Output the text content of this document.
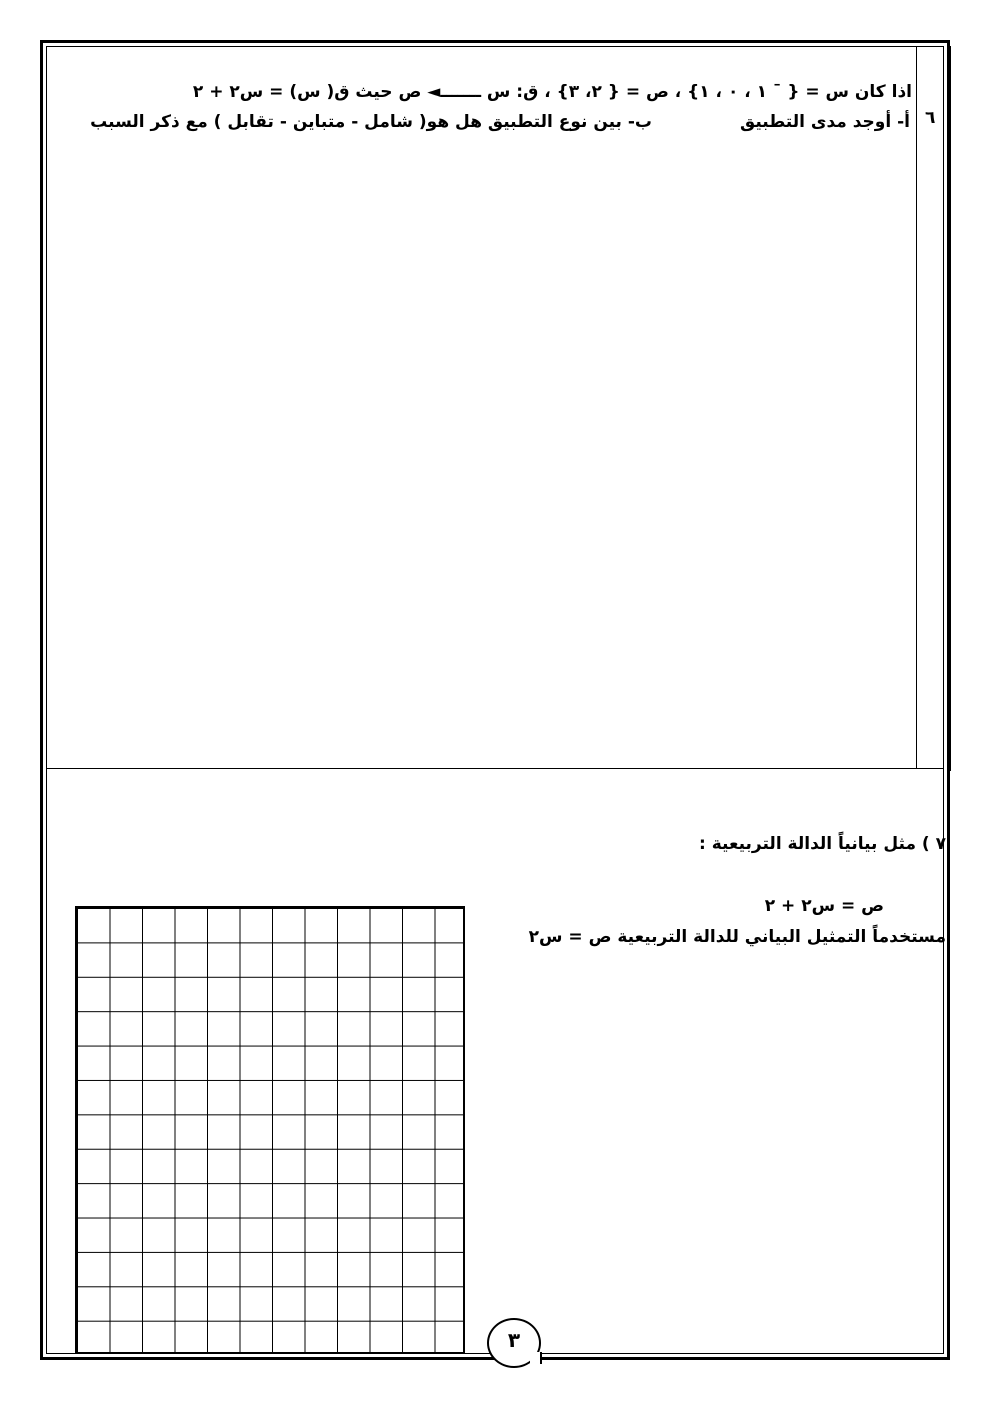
اذا كان س = { ¯ ١ ، ٠ ، ١} ، ص = { ٢، ٣} ، ق: س ـــــــ◄ ص حيث ق( س) = س٢ + ٢
٦
أ- أوجد مدى التطبيق
ب- بين نوع التطبيق هل هو( شامل - متباين - تقابل ) مع ذكر السبب
٧ ) مثل بيانياً الدالة التربيعية :
ص = س٢ + ٢
مستخدماً التمثيل البياني للدالة التربيعية ص = س٢
٣
